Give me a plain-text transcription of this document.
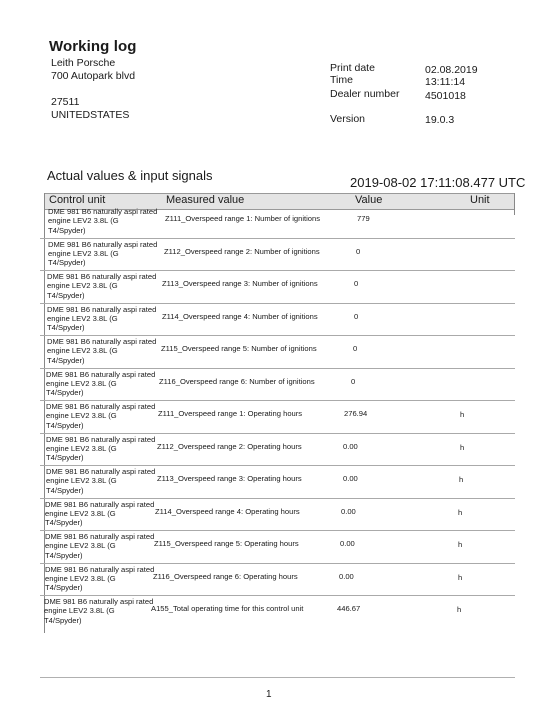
Working log
Leith Porsche
700 Autopark blvd
27511
UNITEDSTATES
Print date	02.08.2019
Time	13:11:14
Dealer number 4501018
Version	19.0.3
Actual values & input signals	2019-08-02 17:11:08.477 UTC
Control unit	Measured value	Value	Unit
DME 981 B6 naturally aspi rated engine LEV2 3.8L (G T4/Spyder)
Z111_Overspeed range 1: Number of ignitions	779
DME 981 B6 naturally aspi rated engine LEV2 3.8L (G T4/Spyder)
Z112_Overspeed range 2: Number of ignitions	0
DME 981 B6 naturally aspi rated engine LEV2 3.8L (G T4/Spyder)
Z113_Overspeed range 3: Number of ignitions	0
DME 981 B6 naturally aspi rated engine LEV2 3.8L (G T4/Spyder)
Z114_Overspeed range 4: Number of ignitions	0
DME 981 B6 naturally aspi rated engine LEV2 3.8L (G T4/Spyder)
Z115_Overspeed range 5: Number of ignitions	0
DME 981 B6 naturally aspi rated engine LEV2 3.8L (G T4/Spyder)
Z116_Overspeed range 6: Number of ignitions	0
DME 981 B6 naturally aspi rated engine LEV2 3.8L (G T4/Spyder)
Z111_Overspeed range 1: Operating hours	276.94	h
DME 981 B6 naturally aspi rated engine LEV2 3.8L (G T4/Spyder)
Z112_Overspeed range 2: Operating hours	0.00	h
DME 981 B6 naturally aspi rated engine LEV2 3.8L (G T4/Spyder)
Z113_Overspeed range 3: Operating hours	0.00	h
DME 981 B6 naturally aspi rated engine LEV2 3.8L (G T4/Spyder)
Z114_Overspeed range 4: Operating hours	0.00	h
DME 981 B6 naturally aspi rated engine LEV2 3.8L (G T4/Spyder)
Z115_Overspeed range 5: Operating hours	0.00	h
DME 981 B6 naturally aspi rated engine LEV2 3.8L (G T4/Spyder)
Z116_Overspeed range 6: Operating hours	0.00	h
DME 981 B6 naturally aspi rated engine LEV2 3.8L (G T4/Spyder)
A155_Total operating time for this control unit	446.67	h
1
